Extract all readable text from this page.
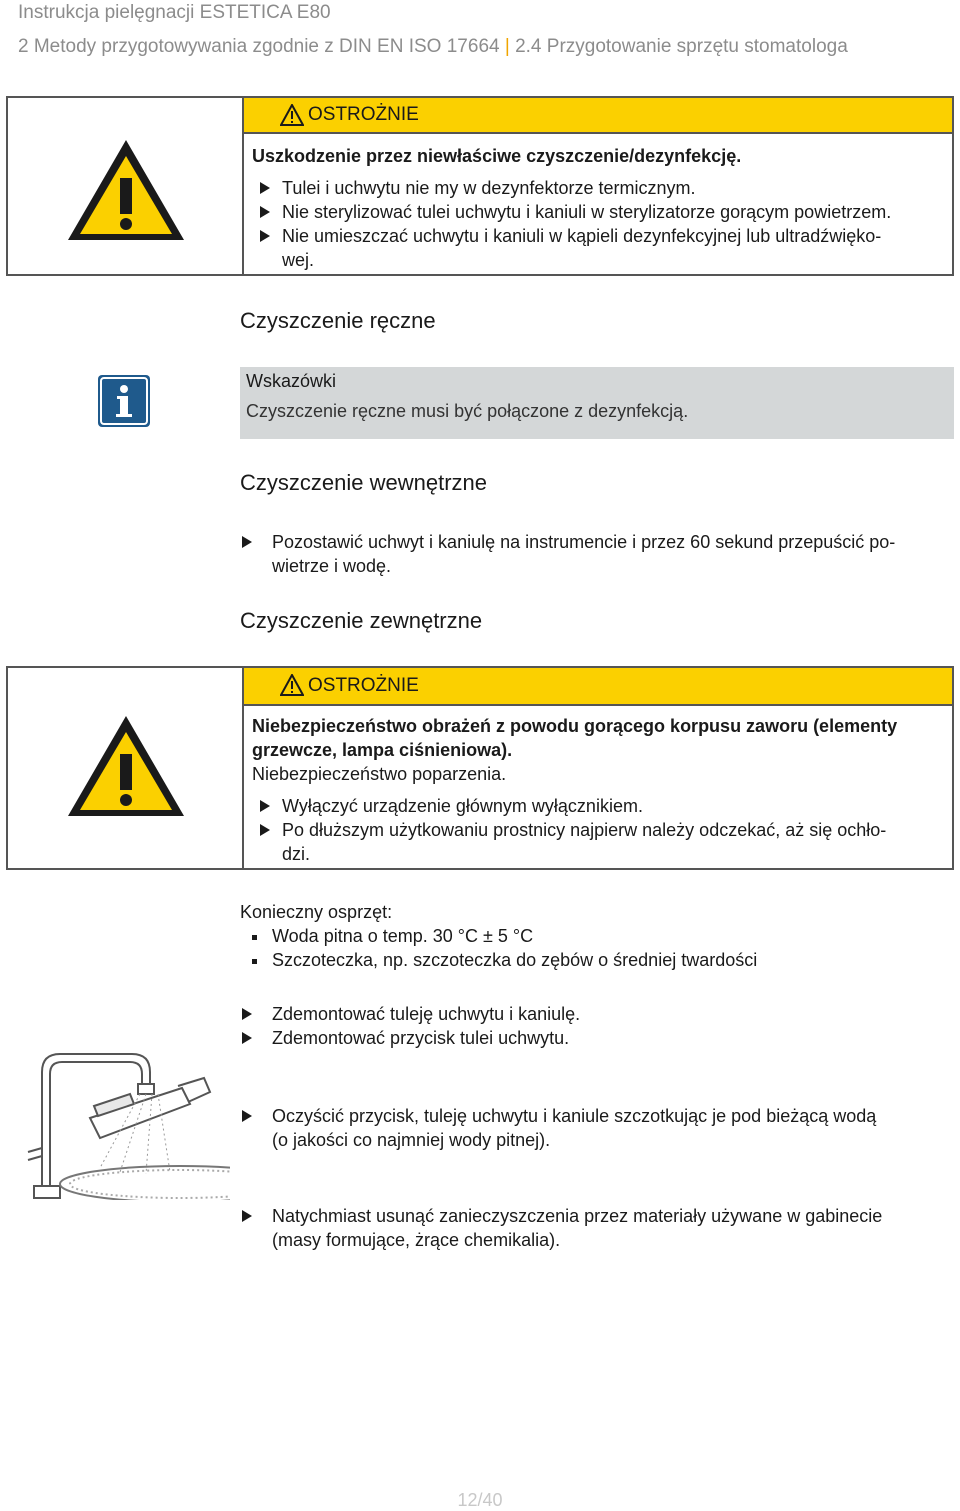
Instrukcja pielęgnacji ESTETICA E80
2 Metody przygotowywania zgodnie z DIN EN ISO 17664 | 2.4 Przygotowanie sprzętu stomatologa
OSTROŻNIE
Uszkodzenie przez niewłaściwe czyszczenie/dezynfekcję.
Tulei i uchwytu nie my w dezynfektorze termicznym.
Nie sterylizować tulei uchwytu i kaniuli w sterylizatorze gorącym powietrzem.
Nie umieszczać uchwytu i kaniuli w kąpieli dezynfekcyjnej lub ultradźwięko-
wej.
Czyszczenie ręczne
Wskazówki
Czyszczenie ręczne musi być połączone z dezynfekcją.
Czyszczenie wewnętrzne
Pozostawić uchwyt i kaniulę na instrumencie i przez 60 sekund przepuścić po-
wietrze i wodę.
Czyszczenie zewnętrzne
OSTROŻNIE
Niebezpieczeństwo obrażeń z powodu gorącego korpusu zaworu (elementy
grzewcze, lampa ciśnieniowa).
Niebezpieczeństwo poparzenia.
Wyłączyć urządzenie głównym wyłącznikiem.
Po dłuższym użytkowaniu prostnicy najpierw należy odczekać, aż się ochło-
dzi.
Konieczny osprzęt:
Woda pitna o temp. 30 °C ± 5 °C
Szczoteczka, np. szczoteczka do zębów o średniej twardości
Zdemontować tuleję uchwytu i kaniulę.
Zdemontować przycisk tulei uchwytu.
Oczyścić przycisk, tuleję uchwytu i kaniule szczotkując je pod bieżącą wodą
(o jakości co najmniej wody pitnej).
Natychmiast usunąć zanieczyszczenia przez materiały używane w gabinecie
(masy formujące, żrące chemikalia).
12/40
